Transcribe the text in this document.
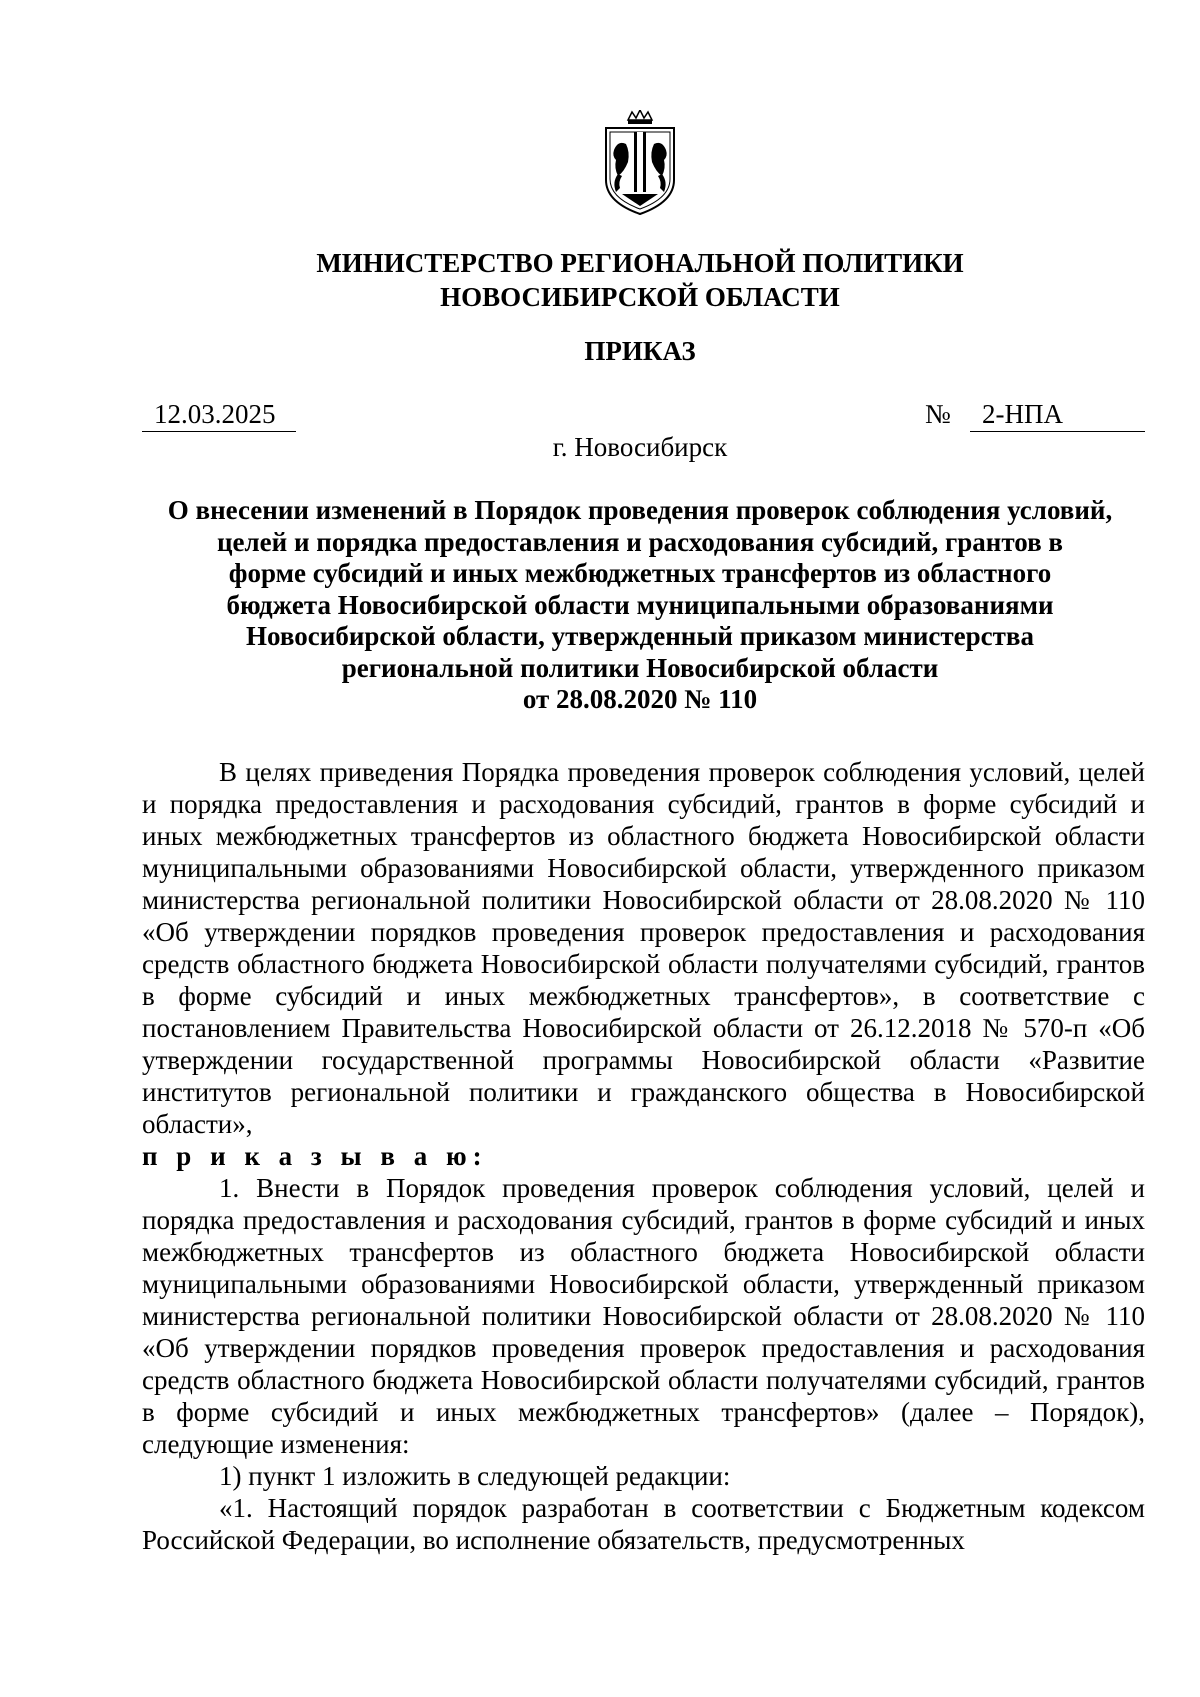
МИНИСТЕРСТВО РЕГИОНАЛЬНОЙ ПОЛИТИКИ
НОВОСИБИРСКОЙ ОБЛАСТИ
ПРИКАЗ
12.03.2025	№	2-НПА
г. Новосибирск
О внесении изменений в Порядок проведения проверок соблюдения условий,
целей и порядка предоставления и расходования субсидий, грантов в
форме субсидий и иных межбюджетных трансфертов из областного
бюджета Новосибирской области муниципальными образованиями
Новосибирской области, утвержденный приказом министерства
региональной политики Новосибирской области
от 28.08.2020 № 110

В целях приведения Порядка проведения проверок соблюдения условий, целей и порядка предоставления и расходования субсидий, грантов в форме субсидий и иных межбюджетных трансфертов из областного бюджета Новосибирской области муниципальными образованиями Новосибирской области, утвержденного приказом министерства региональной политики Новосибирской области от 28.08.2020 № 110 «Об утверждении порядков проведения проверок предоставления и расходования средств областного бюджета Новосибирской области получателями субсидий, грантов в форме субсидий и иных межбюджетных трансфертов», в соответствие с постановлением Правительства Новосибирской области от 26.12.2018 № 570-п «Об утверждении государственной программы Новосибирской области «Развитие институтов региональной политики и гражданского общества в Новосибирской области»,

п р и к а з ы в а ю:

1. Внести в Порядок проведения проверок соблюдения условий, целей и порядка предоставления и расходования субсидий, грантов в форме субсидий и иных межбюджетных трансфертов из областного бюджета Новосибирской области муниципальными образованиями Новосибирской области, утвержденный приказом министерства региональной политики Новосибирской области от 28.08.2020 № 110 «Об утверждении порядков проведения проверок предоставления и расходования средств областного бюджета Новосибирской области получателями субсидий, грантов в форме субсидий и иных межбюджетных трансфертов» (далее – Порядок), следующие изменения:

1) пункт 1 изложить в следующей редакции:

«1. Настоящий порядок разработан в соответствии с Бюджетным кодексом Российской Федерации, во исполнение обязательств, предусмотренных
